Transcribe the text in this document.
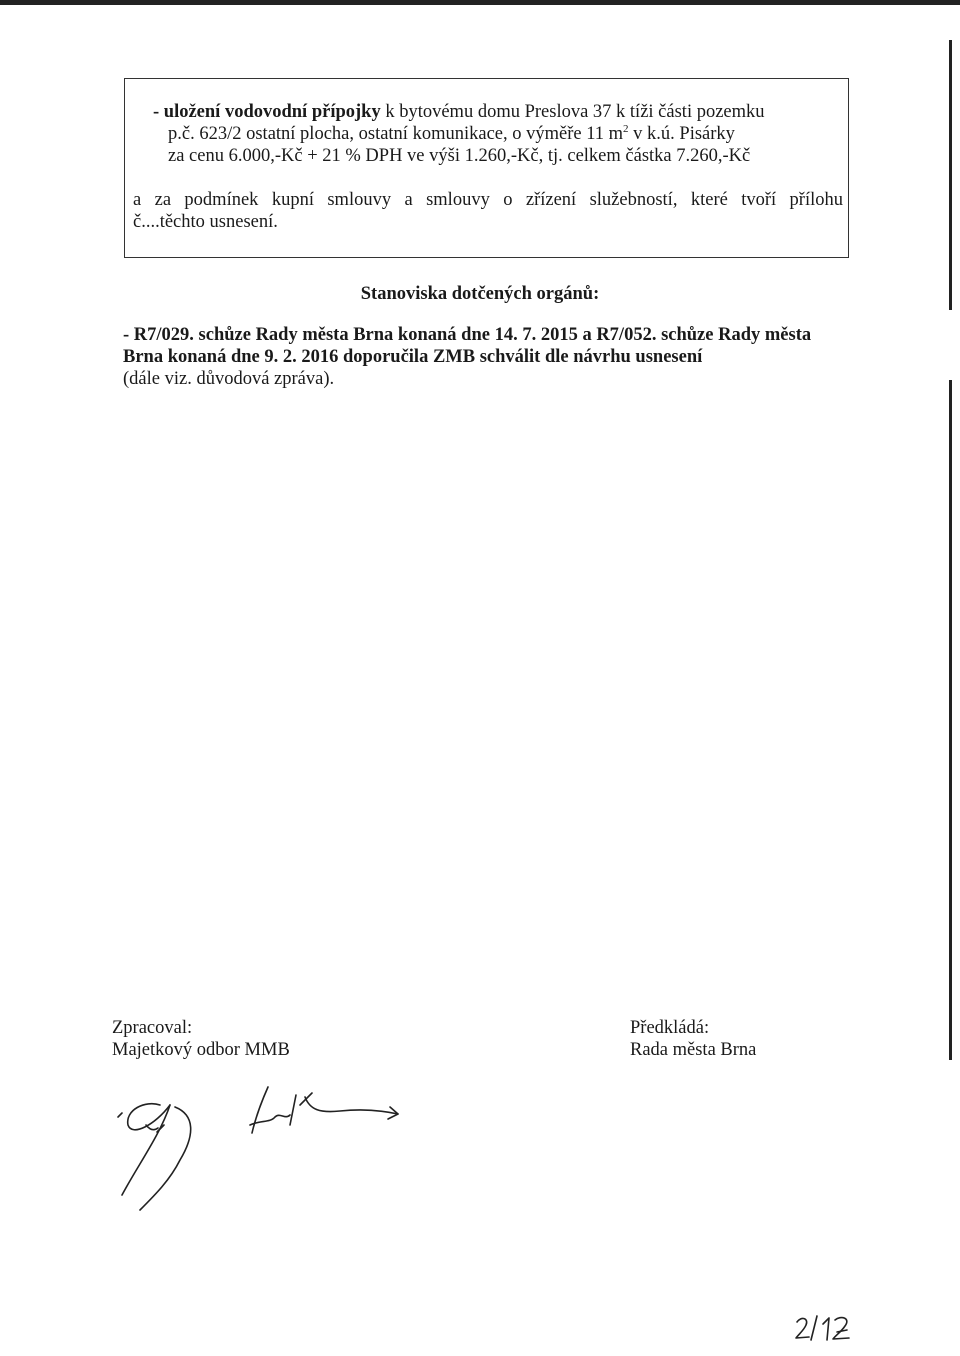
- uložení vodovodní přípojky k bytovému domu Preslova 37 k tíži části pozemku
p.č. 623/2 ostatní plocha, ostatní komunikace, o výměře 11 $m^2$ v k.ú. Pisárky
za cenu 6.000,-Kč + 21 % DPH ve výši 1.260,-Kč, tj. celkem částka 7.260,-Kč
a za podmínek kupní smlouvy a smlouvy o zřízení služebností, které tvoří přílohu
č....těchto usnesení.
Stanoviska dotčených orgánů:
- R7/029. schůze Rady města Brna konaná dne 14. 7. 2015 a R7/052. schůze Rady města
Brna konaná dne 9. 2. 2016 doporučila ZMB schválit dle návrhu usnesení
(dále viz. důvodová zpráva).
Zpracoval:
Majetkový odbor MMB
Předkládá:
Rada města Brna
